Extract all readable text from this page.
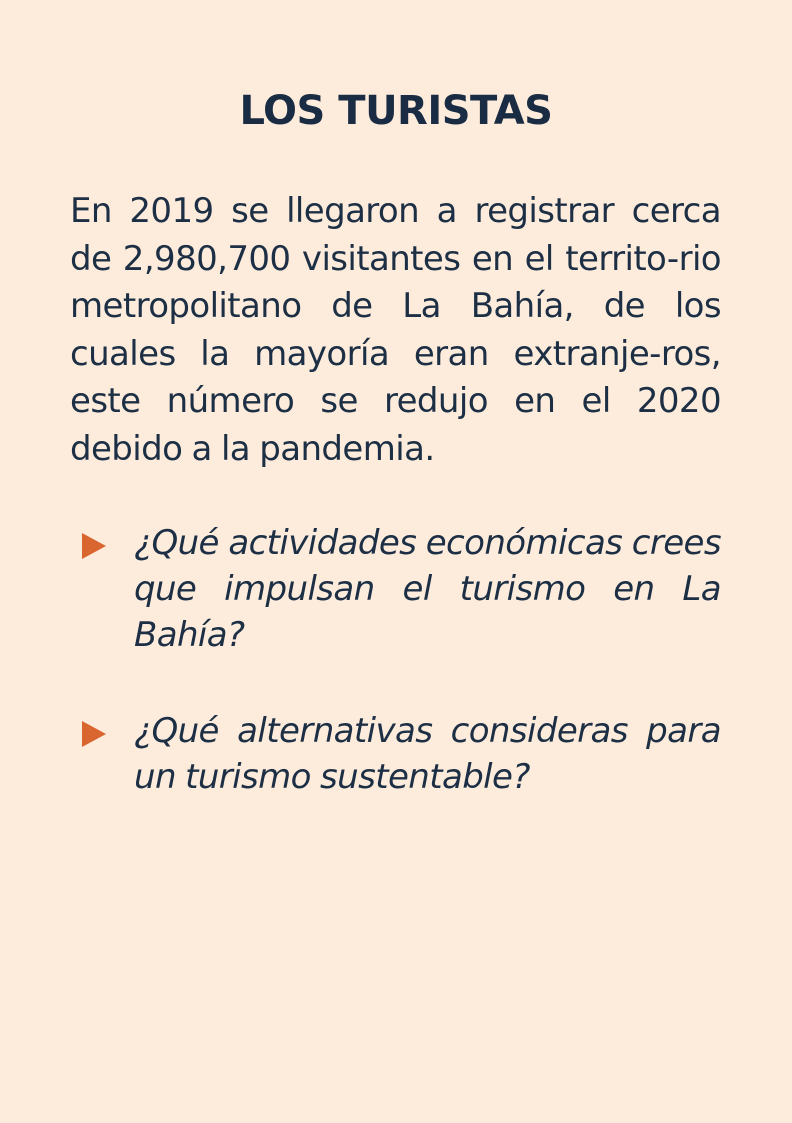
LOS TURISTAS

En 2019 se llegaron a registrar cerca de 2,980,700 visitantes en el territo-rio metropolitano de La Bahía, de los cuales la mayoría eran extranje-ros, este número se redujo en el 2020 debido a la pandemia.

¿Qué actividades económicas crees que impulsan el turismo en La Bahía?
¿Qué alternativas consideras para un turismo sustentable?
